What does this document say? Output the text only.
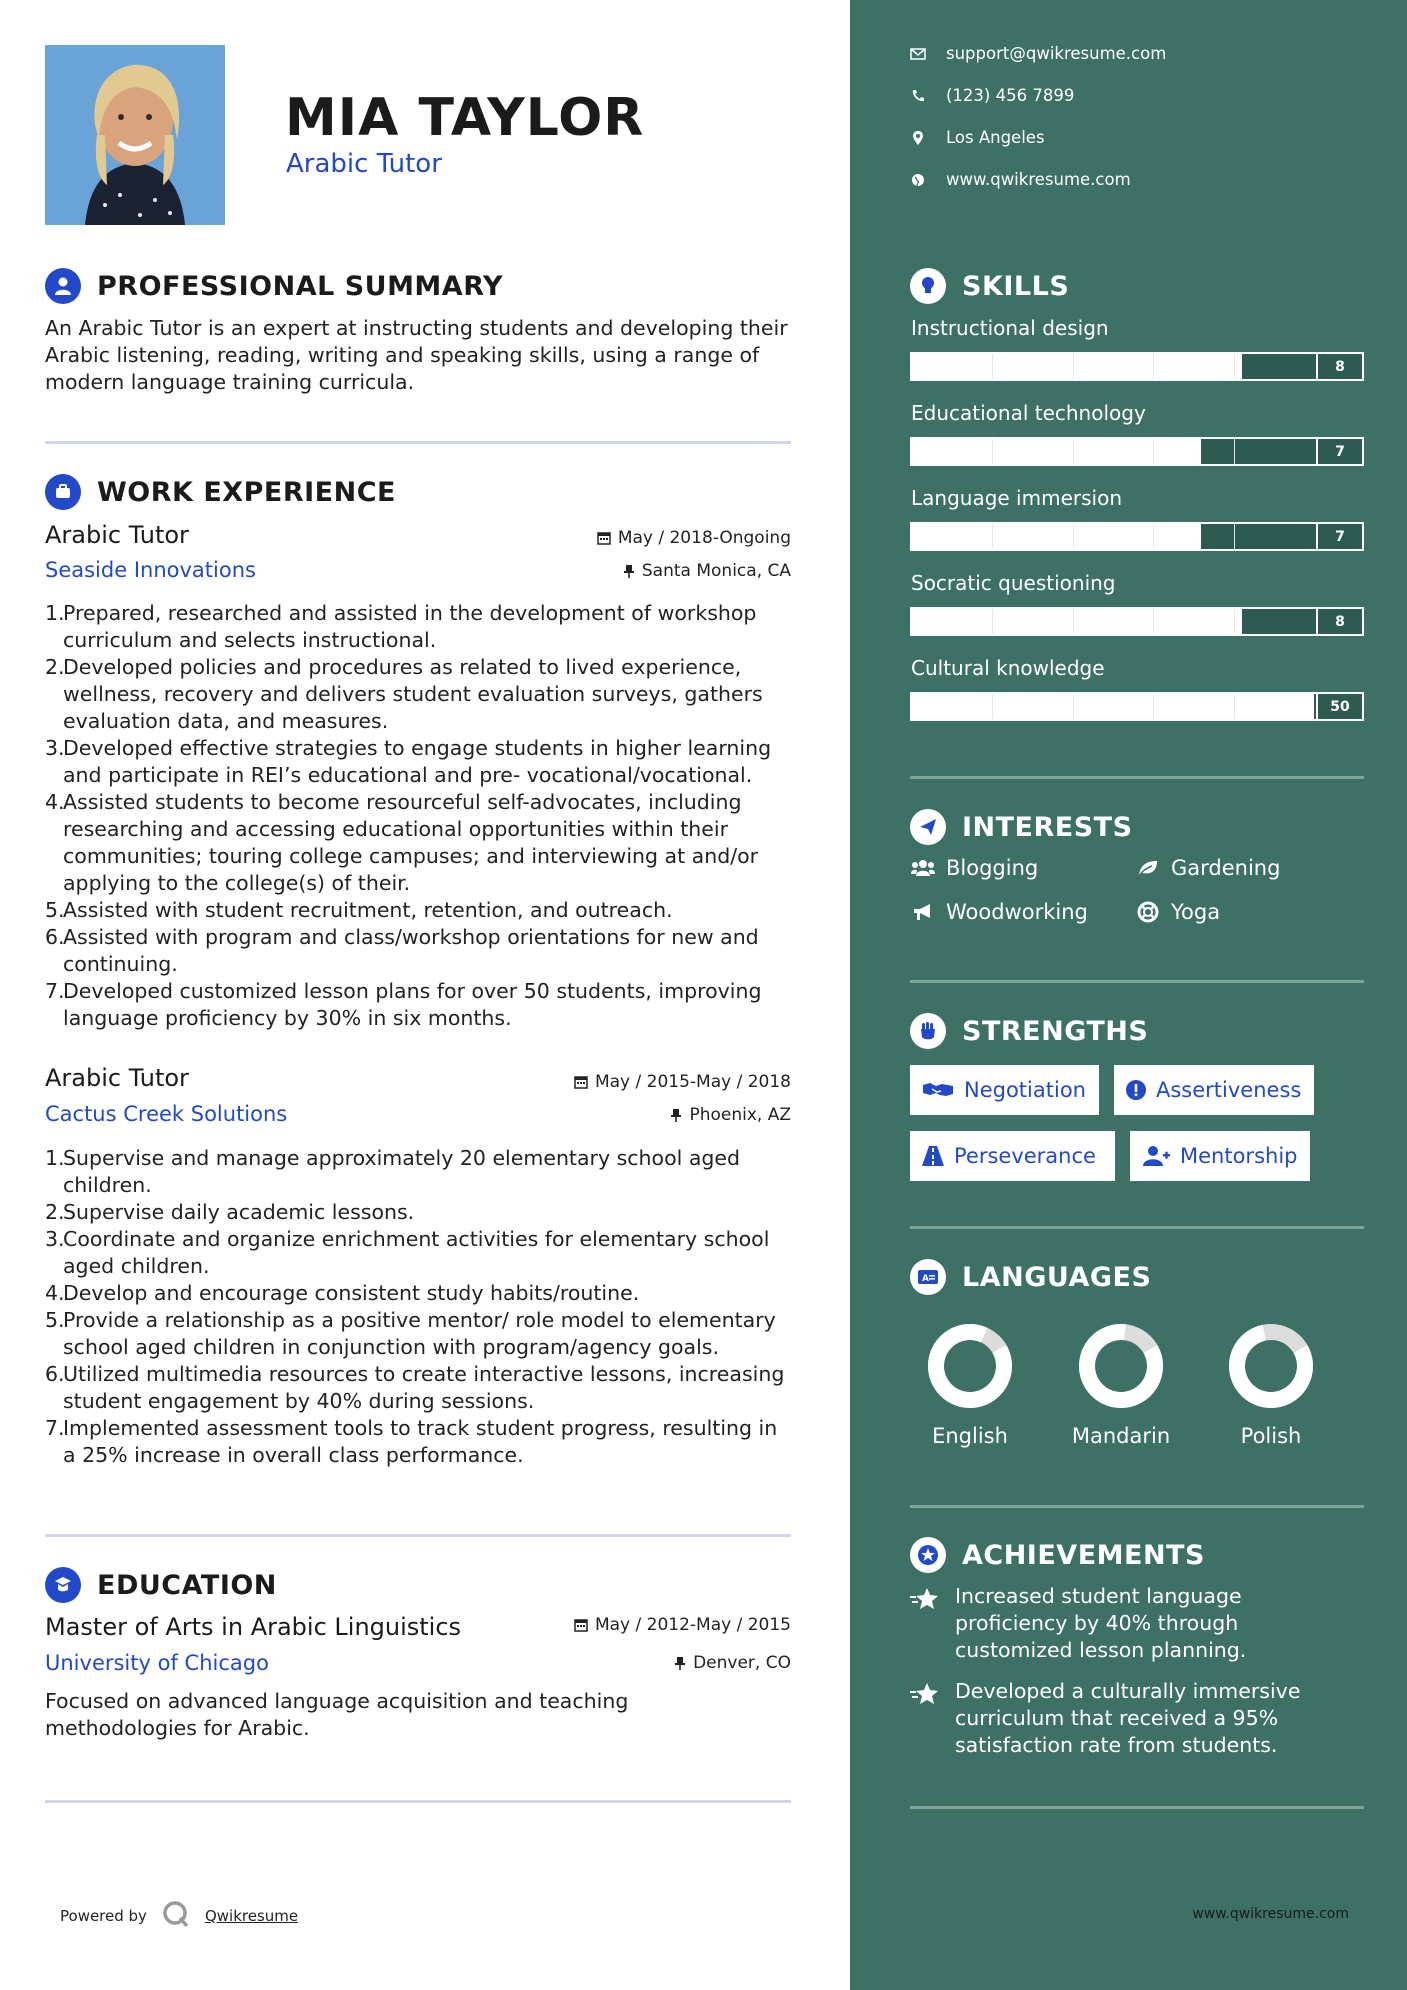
MIA TAYLOR
Arabic Tutor
PROFESSIONAL SUMMARY
An Arabic Tutor is an expert at instructing students and developing their Arabic listening, reading, writing and speaking skills, using a range of modern language training curricula.
WORK EXPERIENCE
Arabic Tutor
Seaside Innovations
May / 2018-Ongoing
Santa Monica, CA
1.
Prepared, researched and assisted in the development of workshop curriculum and selects instructional.
2.
Developed policies and procedures as related to lived experience, wellness, recovery and delivers student evaluation surveys, gathers evaluation data, and measures.
3.
Developed effective strategies to engage students in higher learning and participate in REI’s educational and pre- vocational/vocational.
4.
Assisted students to become resourceful self-advocates, including researching and accessing educational opportunities within their communities; touring college campuses; and interviewing at and/or applying to the college(s) of their.
5.
Assisted with student recruitment, retention, and outreach.
6.
Assisted with program and class/workshop orientations for new and continuing.
7.
Developed customized lesson plans for over 50 students, improving language proficiency by 30% in six months.
Arabic Tutor
Cactus Creek Solutions
May / 2015-May / 2018
Phoenix, AZ
1.
Supervise and manage approximately 20 elementary school aged children.
2.
Supervise daily academic lessons.
3.
Coordinate and organize enrichment activities for elementary school aged children.
4.
Develop and encourage consistent study habits/routine.
5.
Provide a relationship as a positive mentor/ role model to elementary school aged children in conjunction with program/agency goals.
6.
Utilized multimedia resources to create interactive lessons, increasing student engagement by 40% during sessions.
7.
Implemented assessment tools to track student progress, resulting in a 25% increase in overall class performance.
EDUCATION
Master of Arts in Arabic Linguistics
University of Chicago
May / 2012-May / 2015
Denver, CO
Focused on advanced language acquisition and teaching methodologies for Arabic.
Powered by	Qwikresume
support@qwikresume.com
(123) 456 7899
Los Angeles
www.qwikresume.com
SKILLS
Instructional design
8
Educational technology
7
Language immersion
7
Socratic questioning
8
Cultural knowledge
50
INTERESTS
Blogging	Gardening
Woodworking	Yoga
STRENGTHS
Negotiation	Assertiveness
Perseverance	Mentorship
A LANGUAGES
English	Mandarin	Polish
ACHIEVEMENTS
Increased student language proficiency by 40% through customized lesson planning.
Developed a culturally immersive curriculum that received a 95% satisfaction rate from students.
www.qwikresume.com
